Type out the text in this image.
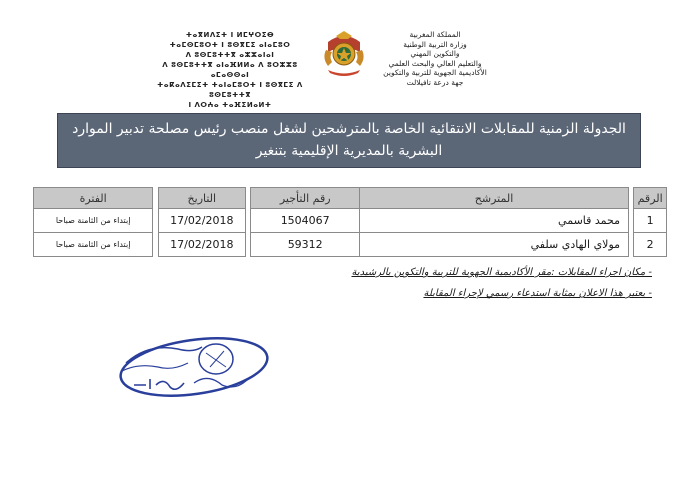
المملكة المغربية
وزارة التربية الوطنية
والتكوين المهني
والتعليم العالي والبحث العلمي
الأكاديمية الجهوية للتربية والتكوين
جهة درعة تافيلالت
ⵜⴰⴳⵍⴷⵉⵜ ⵏ ⵍⵎⵖⵔⵉⴱ
ⵜⴰⵎⵙⵎⵓⵔⵜ ⵏ ⵓⵙⴳⵎⵉ ⴰⵏⴰⵎⵓⵔ
ⴷ ⵓⵙⵎⵓⵜⵜⴳ ⴰⵣⵣⴰⵏⴰⵏ
ⴷ ⵓⵙⵎⵓⵜⵜⴳ ⴰⵏⴰⴼⵍⵍⴰ ⴷ ⵓⵔⵣⵣⵓ ⴰⵎⴰⵙⵙⴰⵏ
ⵜⴰⴽⴰⴷⵉⵎⵉⵜ ⵜⴰⵏⴰⵎⵓⵔⵜ ⵏ ⵓⵙⴳⵎⵉ ⴷ ⵓⵙⵎⵓⵜⵜⴳ
ⵏ ⴷⵔⵄⴰ ⵜⴰⴼⵉⵍⴰⵍⵜ
الجدولة الزمنية للمقابلات الانتقائية الخاصة بالمترشحين لشغل منصب رئيس مصلحة تدبير الموارد
البشرية بالمديرية الإقليمية بتنغير
الرقم		المترشح	رقم التأجير		التاريخ		الفترة
1		محمد قاسمي	1504067		17/02/2018		إبتداء من الثامنة صباحا
2		مولاي الهادي سلفي	59312		17/02/2018		إبتداء من الثامنة صباحا
- مكان اجراء المقابلات :مقر الأكاديمية الجهوية للتربية والتكوين بالرشيدية
- يعتبر هذا الاعلان بمثابة استدعاء رسمي لإجراء المقابلة
